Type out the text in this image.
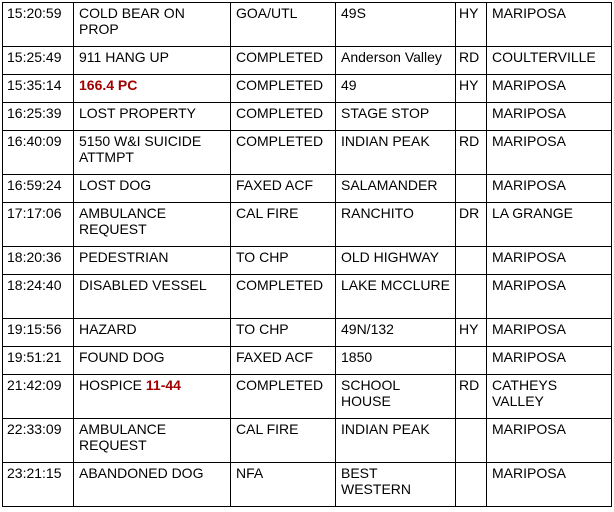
15:20:59	COLD BEAR ON PROP	GOA/UTL	49S	HY	MARIPOSA
15:25:49	911 HANG UP	COMPLETED	Anderson Valley	RD	COULTERVILLE
15:35:14	166.4 PC	COMPLETED	49	HY	MARIPOSA
16:25:39	LOST PROPERTY	COMPLETED	STAGE STOP		MARIPOSA
16:40:09	5150 W&I SUICIDE ATTMPT	COMPLETED	INDIAN PEAK	RD	MARIPOSA
16:59:24	LOST DOG	FAXED ACF	SALAMANDER		MARIPOSA
17:17:06	AMBULANCE REQUEST	CAL FIRE	RANCHITO	DR	LA GRANGE
18:20:36	PEDESTRIAN	TO CHP	OLD HIGHWAY		MARIPOSA
18:24:40	DISABLED VESSEL	COMPLETED	LAKE MCCLURE		MARIPOSA
19:15:56	HAZARD	TO CHP	49N/132	HY	MARIPOSA
19:51:21	FOUND DOG	FAXED ACF	1850		MARIPOSA
21:42:09	HOSPICE 11-44	COMPLETED	SCHOOL HOUSE	RD	CATHEYS VALLEY
22:33:09	AMBULANCE REQUEST	CAL FIRE	INDIAN PEAK		MARIPOSA
23:21:15	ABANDONED DOG	NFA	BEST WESTERN		MARIPOSA
